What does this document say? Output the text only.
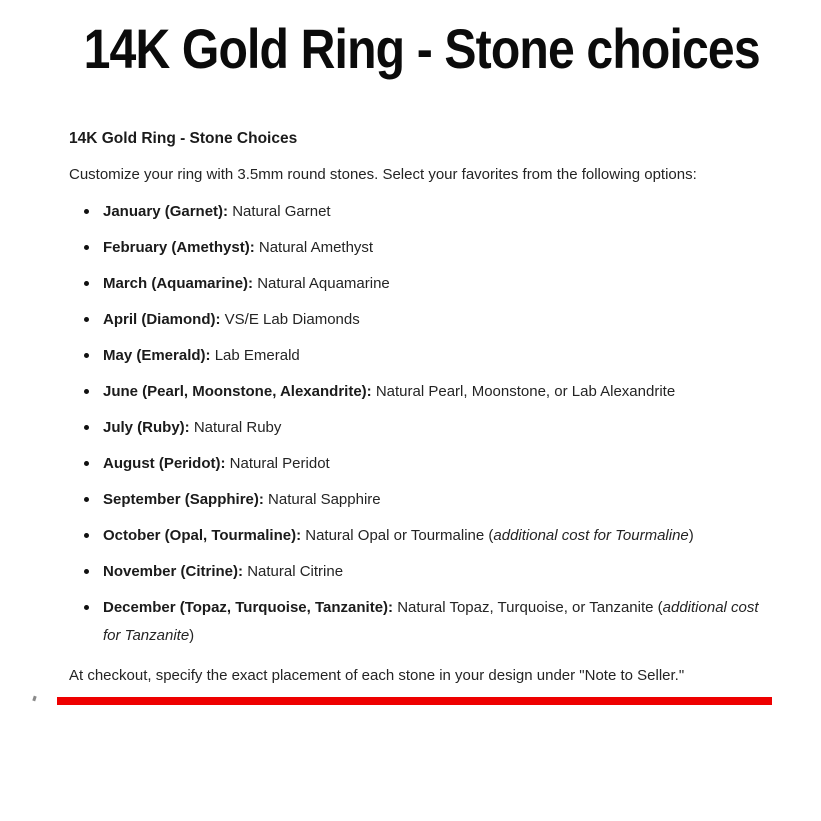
14K Gold Ring - Stone choices
14K Gold Ring - Stone Choices

Customize your ring with 3.5mm round stones. Select your favorites from the following options:

January (Garnet): Natural Garnet
February (Amethyst): Natural Amethyst
March (Aquamarine): Natural Aquamarine
April (Diamond): VS/E Lab Diamonds
May (Emerald): Lab Emerald
June (Pearl, Moonstone, Alexandrite): Natural Pearl, Moonstone, or Lab Alexandrite
July (Ruby): Natural Ruby
August (Peridot): Natural Peridot
September (Sapphire): Natural Sapphire
October (Opal, Tourmaline): Natural Opal or Tourmaline (additional cost for Tourmaline)
November (Citrine): Natural Citrine
December (Topaz, Turquoise, Tanzanite): Natural Topaz, Turquoise, or Tanzanite (additional cost for Tanzanite)

At checkout, specify the exact placement of each stone in your design under "Note to Seller."
